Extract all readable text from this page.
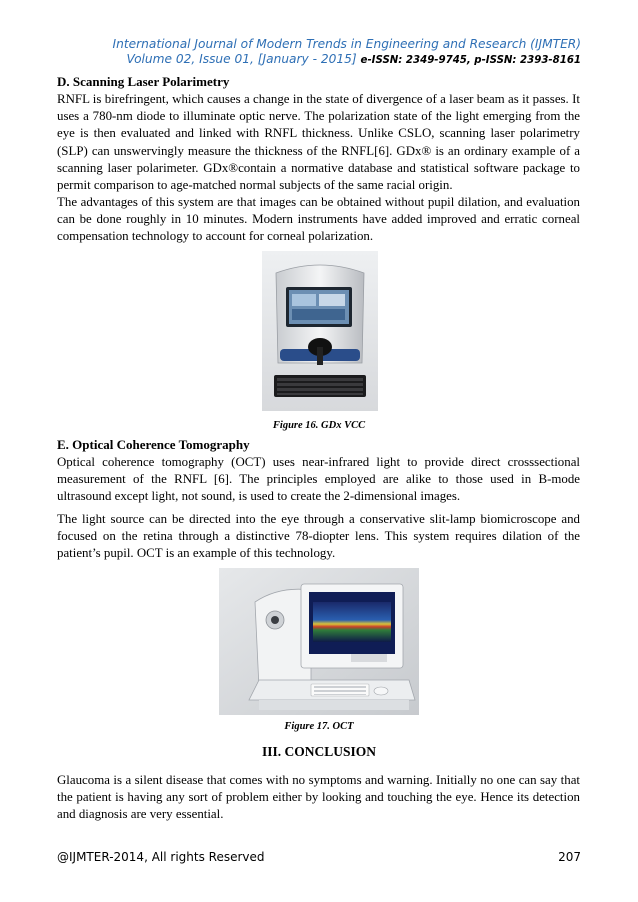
International Journal of Modern Trends in Engineering and Research (IJMTER)
Volume 02, Issue 01, [January - 2015] e-ISSN: 2349-9745, p-ISSN: 2393-8161
D. Scanning Laser Polarimetry
RNFL is birefringent, which causes a change in the state of divergence of a laser beam as it passes. It uses a 780-nm diode to illuminate optic nerve. The polarization state of the light emerging from the eye is then evaluated and linked with RNFL thickness. Unlike CSLO, scanning laser polarimetry (SLP) can unswervingly measure the thickness of the RNFL[6]. GDx® is an ordinary example of a scanning laser polarimeter. GDx®contain a normative database and statistical software package to permit comparison to age-matched normal subjects of the same racial origin.
The advantages of this system are that images can be obtained without pupil dilation, and evaluation can be done roughly in 10 minutes. Modern instruments have added improved and erratic corneal compensation technology to account for corneal polarization.
Figure 16. GDx VCC
E. Optical Coherence Tomography
Optical coherence tomography (OCT) uses near-infrared light to provide direct crosssectional measurement of the RNFL [6]. The principles employed are alike to those used in B-mode ultrasound except light, not sound, is used to create the 2-dimensional images.
The light source can be directed into the eye through a conservative slit-lamp biomicroscope and focused on the retina through a distinctive 78-diopter lens. This system requires dilation of the patient’s pupil. OCT is an example of this technology.
Figure 17. OCT
III. CONCLUSION
Glaucoma is a silent disease that comes with no symptoms and warning. Initially no one can say that the patient is having any sort of problem either by looking and touching the eye. Hence its detection and diagnosis are very essential.
@IJMTER-2014, All rights Reserved	207
